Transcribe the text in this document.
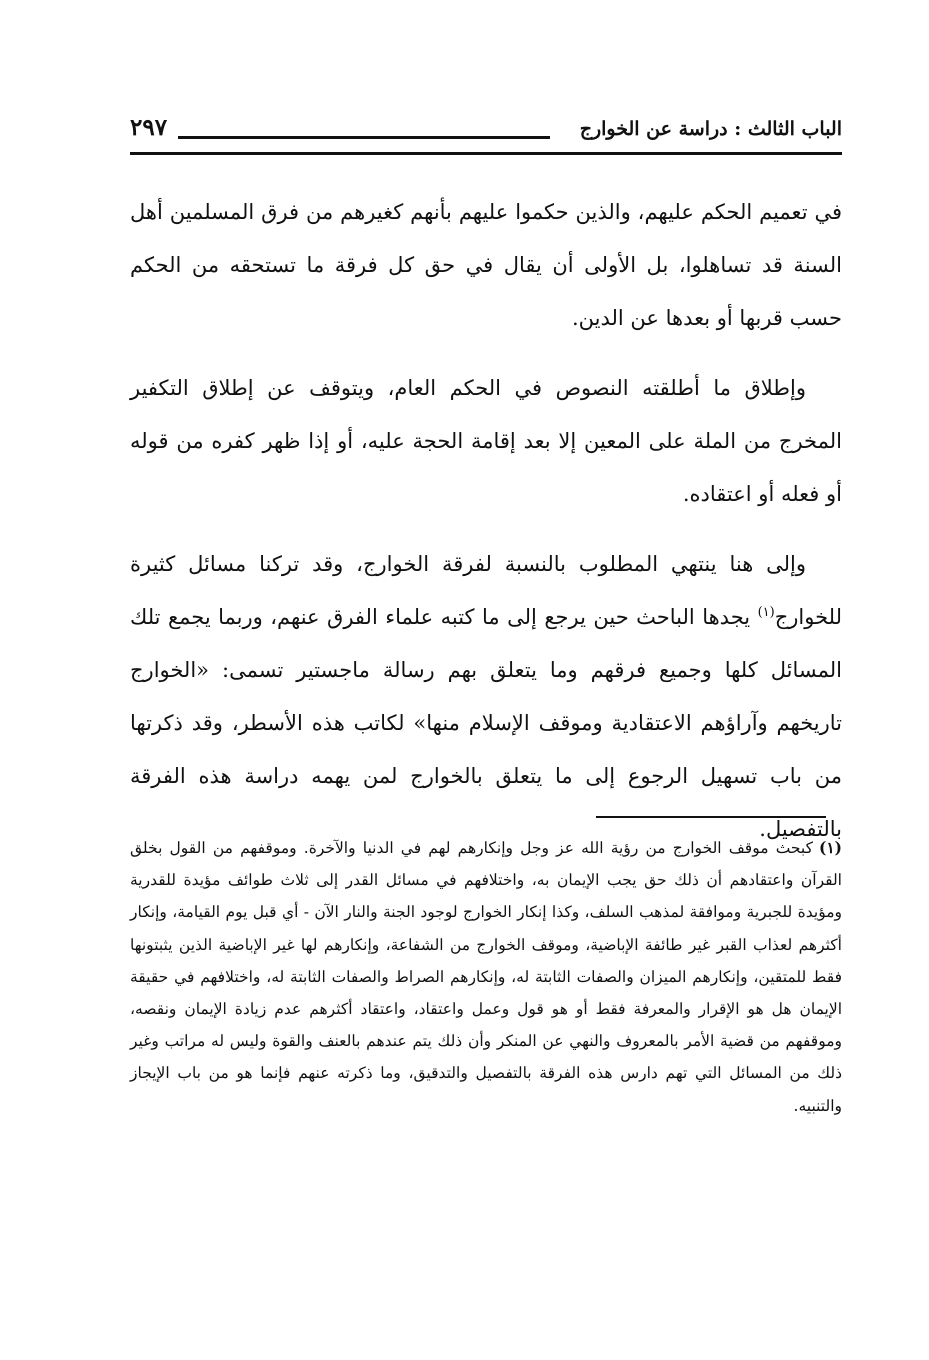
الباب الثالث : دراسة عن الخوارج
٢٩٧

في تعميم الحكم عليهم، والذين حكموا عليهم بأنهم كغيرهم من فرق المسلمين أهل السنة قد تساهلوا، بل الأولى أن يقال في حق كل فرقة ما تستحقه من الحكم حسب قربها أو بعدها عن الدين.

وإطلاق ما أطلقته النصوص في الحكم العام، ويتوقف عن إطلاق التكفير المخرج من الملة على المعين إلا بعد إقامة الحجة عليه، أو إذا ظهر كفره من قوله أو فعله أو اعتقاده.

وإلى هنا ينتهي المطلوب بالنسبة لفرقة الخوارج، وقد تركنا مسائل كثيرة للخوارج$^{(١)}$ يجدها الباحث حين يرجع إلى ما كتبه علماء الفرق عنهم، وربما يجمع تلك المسائل كلها وجميع فرقهم وما يتعلق بهم رسالة ماجستير تسمى: «الخوارج تاريخهم وآراؤهم الاعتقادية وموقف الإسلام منها» لكاتب هذه الأسطر، وقد ذكرتها من باب تسهيل الرجوع إلى ما يتعلق بالخوارج لمن يهمه دراسة هذه الفرقة بالتفصيل.

(١)كبحث موقف الخوارج من رؤية الله عز وجل وإنكارهم لهم في الدنيا والآخرة. وموقفهم من القول بخلق القرآن واعتقادهم أن ذلك حق يجب الإيمان به، واختلافهم في مسائل القدر إلى ثلاث طوائف مؤيدة للقدرية ومؤيدة للجبرية وموافقة لمذهب السلف، وكذا إنكار الخوارج لوجود الجنة والنار الآن - أي قبل يوم القيامة، وإنكار أكثرهم لعذاب القبر غير طائفة الإباضية، وموقف الخوارج من الشفاعة، وإنكارهم لها غير الإباضية الذين يثبتونها فقط للمتقين، وإنكارهم الميزان والصفات الثابتة له، وإنكارهم الصراط والصفات الثابتة له، واختلافهم في حقيقة الإيمان هل هو الإقرار والمعرفة فقط أو هو قول وعمل واعتقاد، واعتقاد أكثرهم عدم زيادة الإيمان ونقصه، وموقفهم من قضية الأمر بالمعروف والنهي عن المنكر وأن ذلك يتم عندهم بالعنف والقوة وليس له مراتب وغير ذلك من المسائل التي تهم دارس هذه الفرقة بالتفصيل والتدقيق، وما ذكرته عنهم فإنما هو من باب الإيجاز والتنبيه.
